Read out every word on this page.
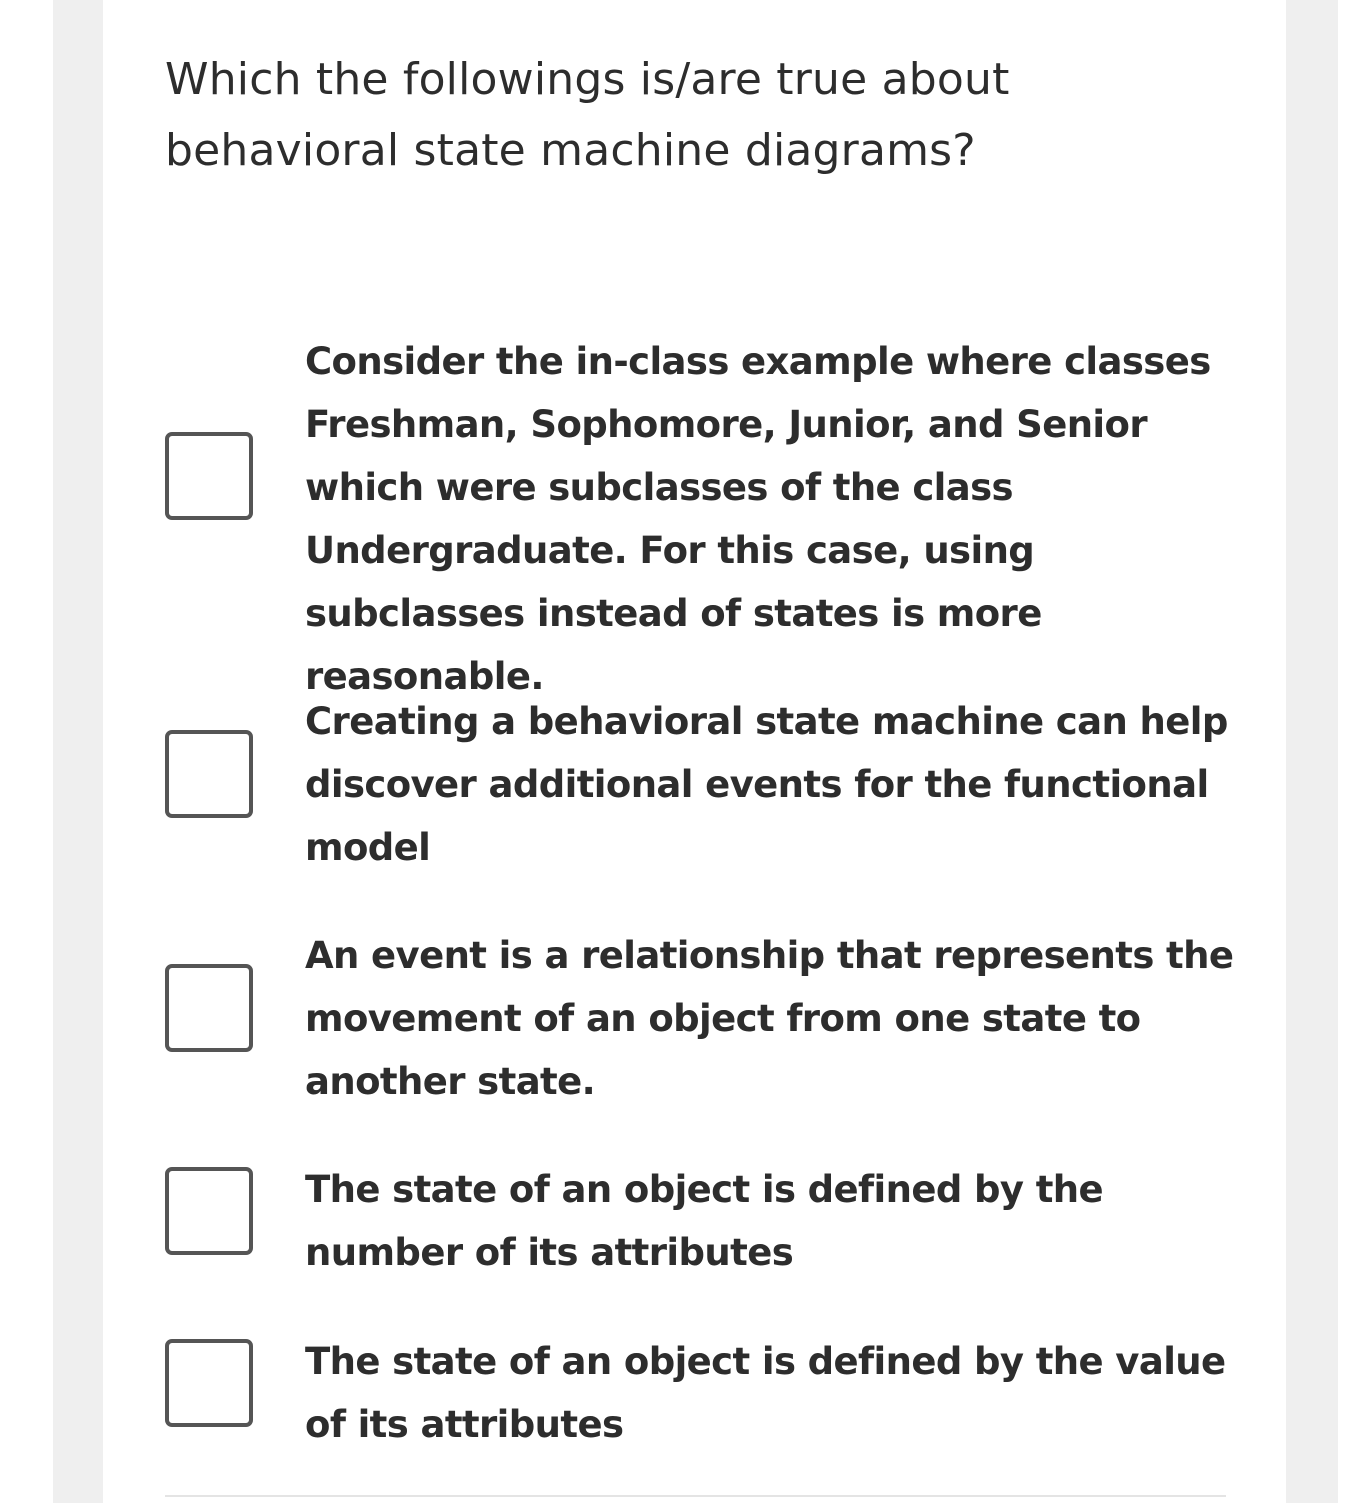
Which the followings is/are true about behavioral state machine diagrams?

Consider the in-class example where classes Freshman, Sophomore, Junior, and Senior which were subclasses of the class Undergraduate. For this case, using subclasses instead of states is more reasonable.
Creating a behavioral state machine can help discover additional events for the functional model
An event is a relationship that represents the movement of an object from one state to another state.
The state of an object is defined by the number of its attributes
The state of an object is defined by the value of its attributes
